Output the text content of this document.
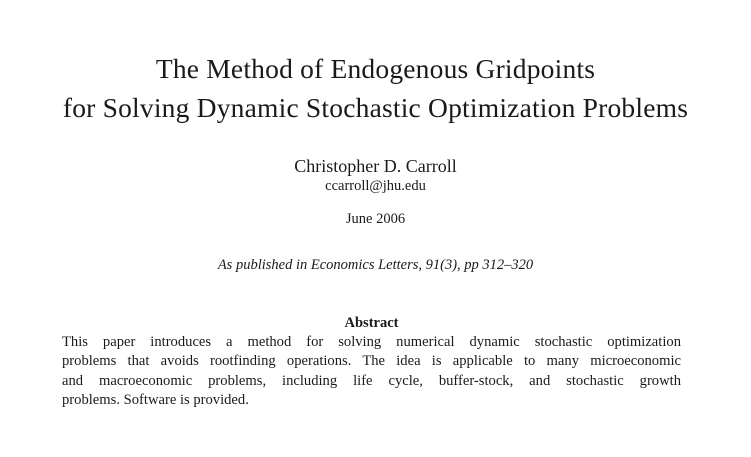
The Method of Endogenous Gridpoints
for Solving Dynamic Stochastic Optimization Problems
Christopher D. Carroll
ccarroll@jhu.edu
June 2006
As published in Economics Letters, 91(3), pp 312–320
Abstract
This paper introduces a method for solving numerical dynamic stochastic optimization
problems that avoids rootfinding operations. The idea is applicable to many microeconomic
and macroeconomic problems, including life cycle, buffer-stock, and stochastic growth
problems. Software is provided.
